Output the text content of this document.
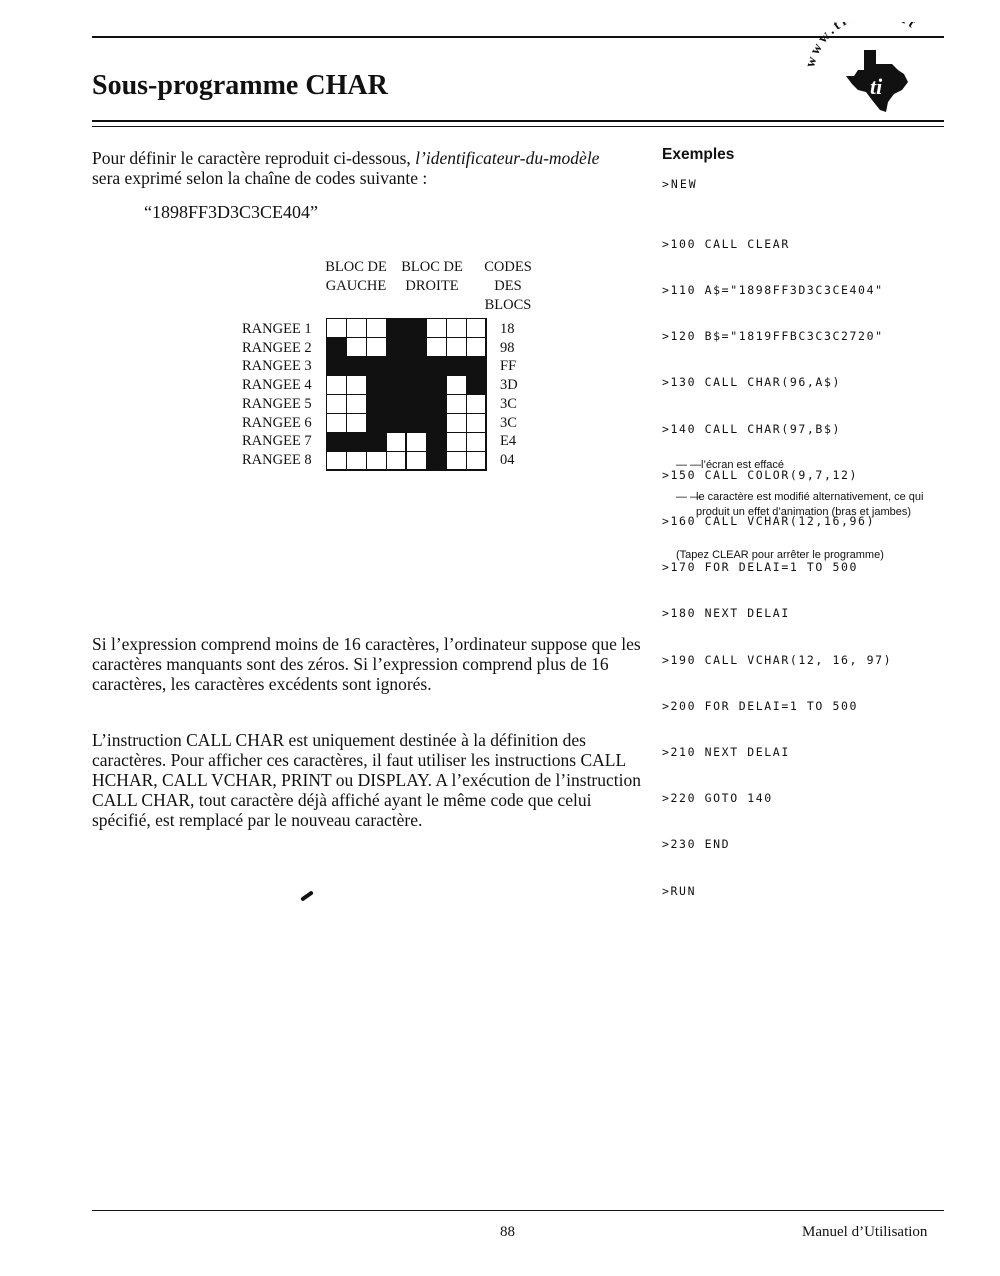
Sous-programme CHAR
ww.t t
ti
Pour définir le caractère reproduit ci-dessous, l’identificateur-du-modèle sera exprimé selon la chaîne de codes suivante :
“1898FF3D3C3CE404”
BLOC DE
GAUCHE
BLOC DE
DROITE
CODES
DES
BLOCS
RANGEE 1
RANGEE 2
RANGEE 3
RANGEE 4
RANGEE 5
RANGEE 6
RANGEE 7
RANGEE 8
18
98
FF
3D
3C
3C
E4
04
Exemples
>NEW

>100 CALL CLEAR

>110 A$="1898FF3D3C3CE404"

>120 B$="1819FFBC3C3C2720"

>130 CALL CHAR(96,A$)

>140 CALL CHAR(97,B$)

>150 CALL COLOR(9,7,12)

>160 CALL VCHAR(12,16,96)

>170 FOR DELAI=1 TO 500

>180 NEXT DELAI

>190 CALL VCHAR(12, 16, 97)

>200 FOR DELAI=1 TO 500

>210 NEXT DELAI

>220 GOTO 140

>230 END

>RUN

— —l’écran est effacé
— —
le caractère est modifié alternativement, ce qui produit un effet d’animation (bras et jambes)
(Tapez CLEAR pour arrêter le programme)

Si l’expression comprend moins de 16 caractères, l’ordinateur suppose que les caractères manquants sont des zéros. Si l’expression comprend plus de 16 caractères, les caractères excédents sont ignorés.

L’instruction CALL CHAR est uniquement destinée à la définition des caractères. Pour afficher ces caractères, il faut utiliser les instructions CALL HCHAR, CALL VCHAR, PRINT ou DISPLAY. A l’exécution de l’instruction CALL CHAR, tout caractère déjà affiché ayant le même code que celui spécifié, est remplacé par le nouveau caractère.

88	Manuel d’Utilisation
